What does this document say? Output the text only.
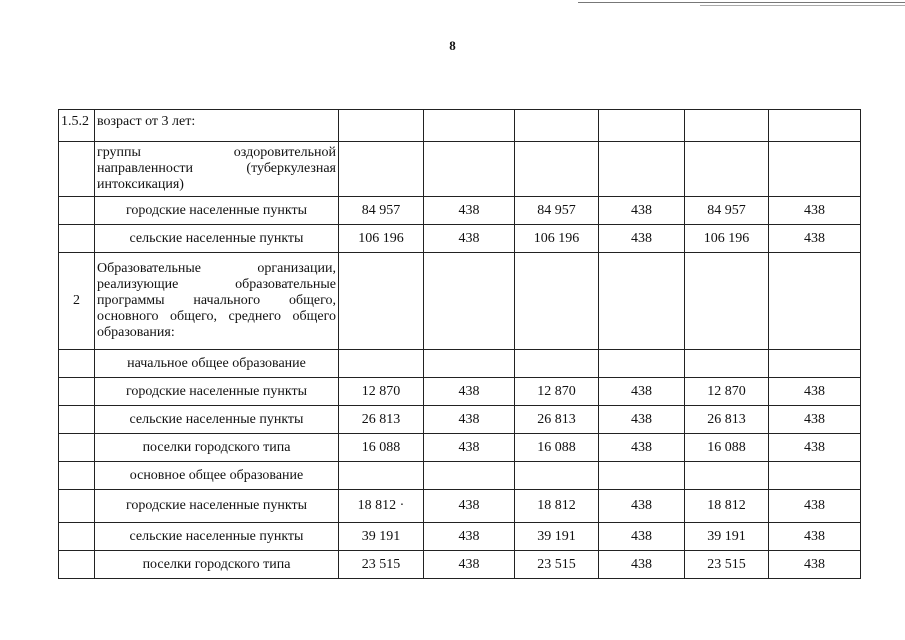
8
1.5.2	возраст от 3 лет:						
	группы оздоровительной направленности (туберкулезная интоксикация)						
	городские населенные пункты	84 957	438	84 957	438	84 957	438
	сельские населенные пункты	106 196	438	106 196	438	106 196	438
2	Образовательные организации, реализующие образовательные программы начального общего, основного общего, среднего общего образования:						
	начальное общее образование						
	городские населенные пункты	12 870	438	12 870	438	12 870	438
	сельские населенные пункты	26 813	438	26 813	438	26 813	438
	поселки городского типа	16 088	438	16 088	438	16 088	438
	основное общее образование						
	городские населенные пункты	18 812 ·	438	18 812	438	18 812	438
	сельские населенные пункты	39 191	438	39 191	438	39 191	438
	поселки городского типа	23 515	438	23 515	438	23 515	438
